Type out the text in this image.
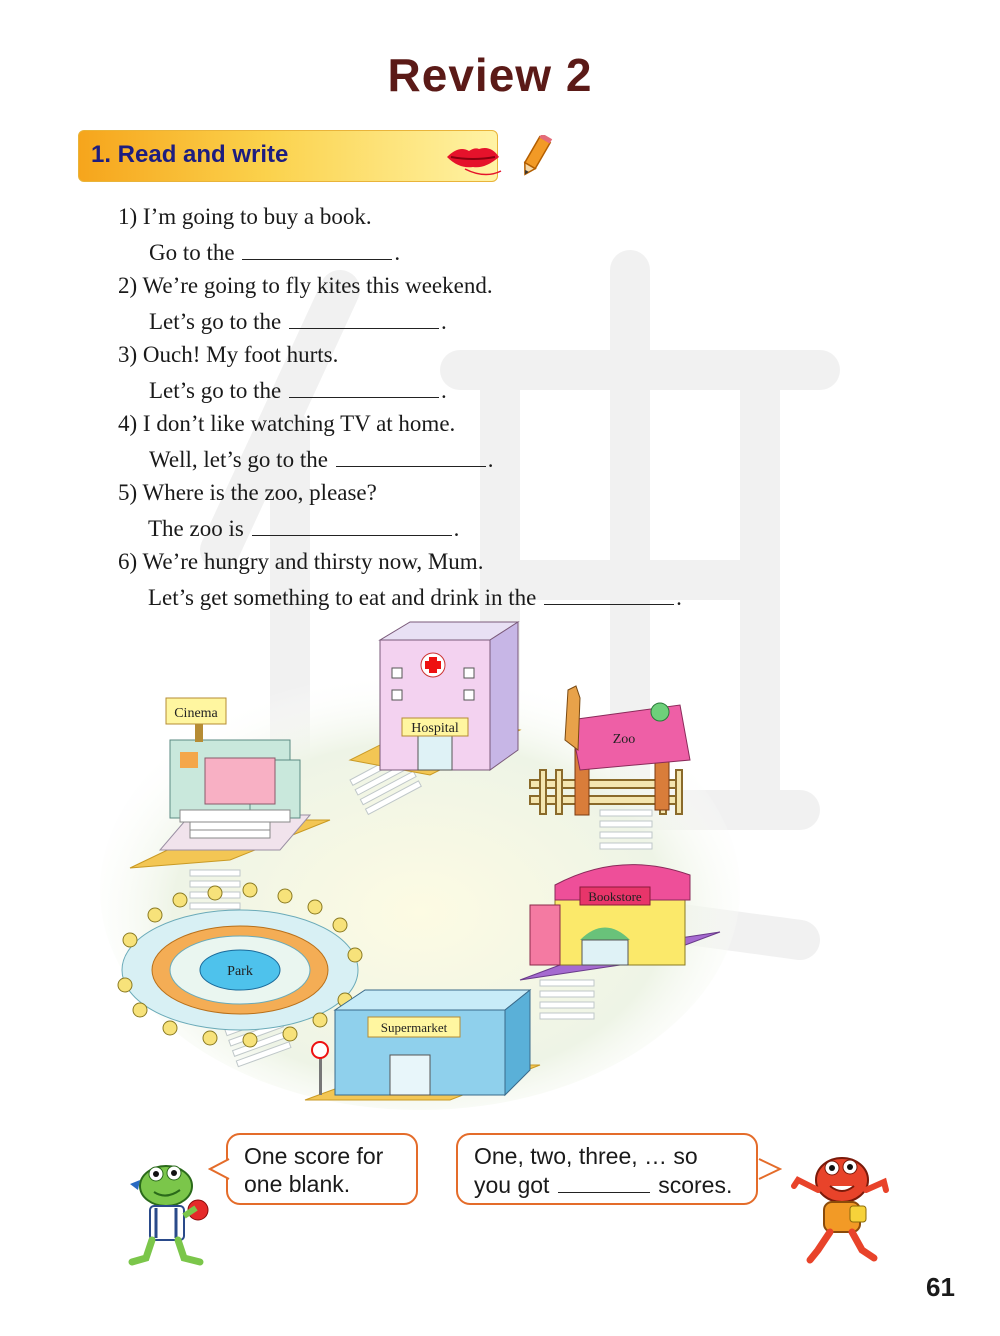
Review 2
1. Read and write
1) I’m going to buy a book.
Go to the	.
2) We’re going to fly kites this weekend.
Let’s go to the	.
3) Ouch! My foot hurts.
Let’s go to the	.
4) I don’t like watching TV at home.
Well, let’s go to the	.
5) Where is the zoo, please?
The zoo is	.
6) We’re hungry and thirsty now, Mum.
Let’s get something to eat and drink in the	.
Cinema
Hospital
Zoo
Bookstore
Park
Supermarket
One score for
one blank.
One, two, three, … so
you got	scores.
61
